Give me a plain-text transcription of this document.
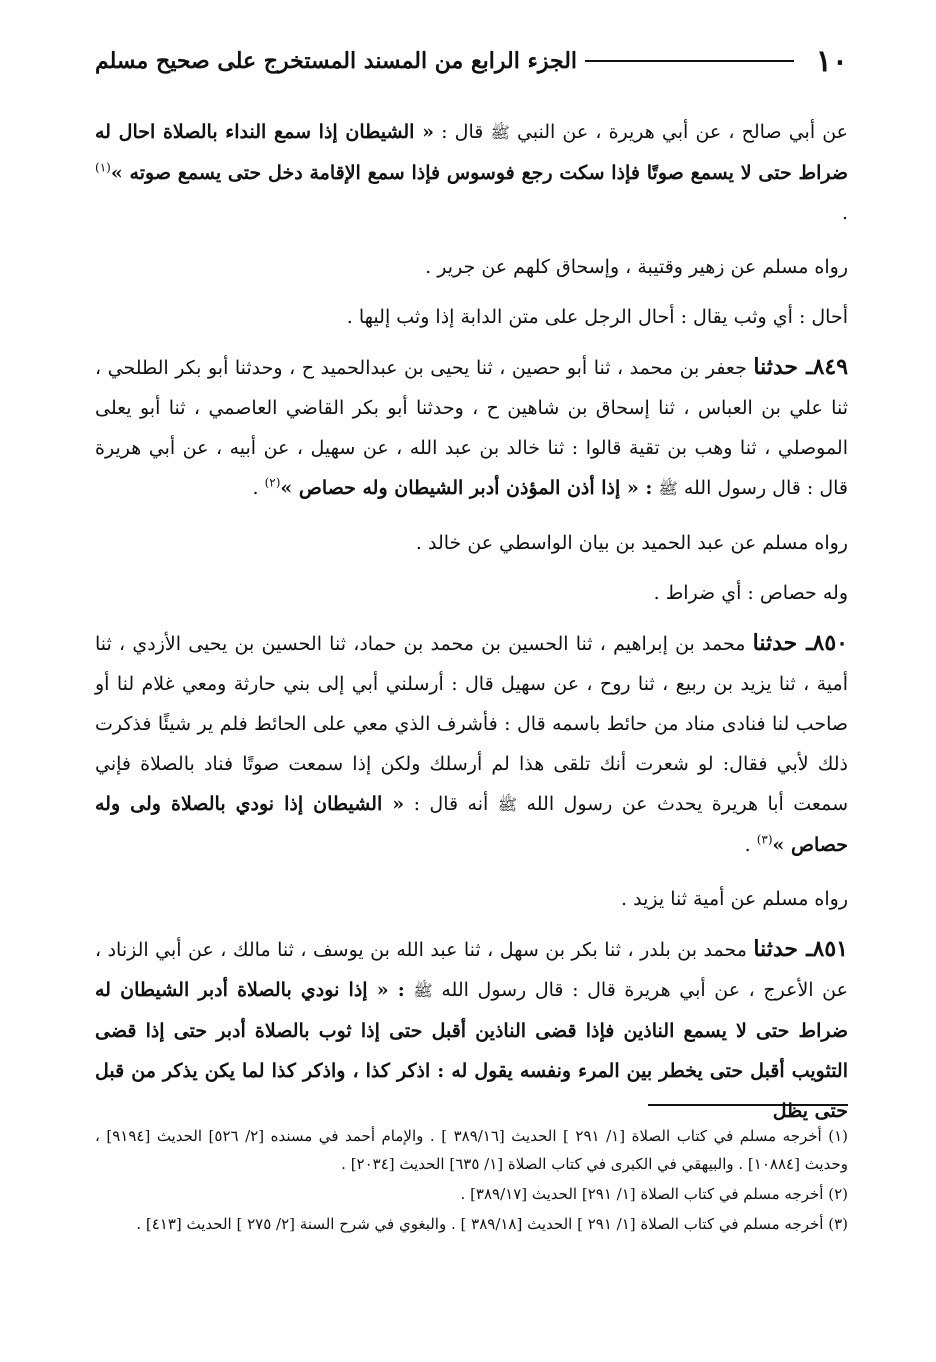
١٠
الجزء الرابع من المسند المستخرج على صحيح مسلم

عن أبي صالح ، عن أبي هريرة ، عن النبي ﷺ قال : « الشيطان إذا سمع النداء بالصلاة احال له ضراط حتى لا يسمع صوتًا فإذا سكت رجع فوسوس فإذا سمع الإقامة دخل حتى يسمع صوته »$^{(١)}$ .

رواه مسلم عن زهير وقتيبة ، وإسحاق كلهم عن جرير .

أحال : أي وثب يقال : أحال الرجل على متن الدابة إذا وثب إليها .

٨٤٩ـ حدثنا جعفر بن محمد ، ثنا أبو حصين ، ثنا يحيى بن عبدالحميد ح ، وحدثنا أبو بكر الطلحي ، ثنا علي بن العباس ، ثنا إسحاق بن شاهين ح ، وحدثنا أبو بكر القاضي العاصمي ، ثنا أبو يعلى الموصلي ، ثنا وهب بن تقية قالوا : ثنا خالد بن عبد الله ، عن سهيل ، عن أبيه ، عن أبي هريرة قال : قال رسول الله ﷺ : « إذا أذن المؤذن أدبر الشيطان وله حصاص »$^{(٢)}$ .

رواه مسلم عن عبد الحميد بن بيان الواسطي عن خالد .

وله حصاص : أي ضراط .

٨٥٠ـ حدثنا محمد بن إبراهيم ، ثنا الحسين بن محمد بن حماد، ثنا الحسين بن يحيى الأزدي ، ثنا أمية ، ثنا يزيد بن ربيع ، ثنا روح ، عن سهيل قال : أرسلني أبي إلى بني حارثة ومعي غلام لنا أو صاحب لنا فنادى مناد من حائط باسمه قال : فأشرف الذي معي على الحائط فلم ير شيئًا فذكرت ذلك لأبي فقال: لو شعرت أنك تلقى هذا لم أرسلك ولكن إذا سمعت صوتًا فناد بالصلاة فإني سمعت أبا هريرة يحدث عن رسول الله ﷺ أنه قال : « الشيطان إذا نودي بالصلاة ولى وله حصاص »$^{(٣)}$ .

رواه مسلم عن أمية ثنا يزيد .

٨٥١ـ حدثنا محمد بن بلدر ، ثنا بكر بن سهل ، ثنا عبد الله بن يوسف ، ثنا مالك ، عن أبي الزناد ، عن الأعرج ، عن أبي هريرة قال : قال رسول الله ﷺ : « إذا نودي بالصلاة أدبر الشيطان له ضراط حتى لا يسمع الناذين فإذا قضى الناذين أقبل حتى إذا ثوب بالصلاة أدبر حتى إذا قضى التثويب أقبل حتى يخطر بين المرء ونفسه يقول له : اذكر كذا ، واذكر كذا لما يكن يذكر من قبل حتى يظل

(١) أخرجه مسلم في كتاب الصلاة [١/ ٢٩١ ] الحديث [٣٨٩/١٦ ] . والإمام أحمد في مسنده [٢/ ٥٢٦] الحديث [٩١٩٤] ، وحديث [١٠٨٨٤] . والبيهقي في الكبرى في كتاب الصلاة [١/ ٦٣٥] الحديث [٢٠٣٤] .

(٢) أخرجه مسلم في كتاب الصلاة [١/ ٢٩١] الحديث [٣٨٩/١٧] .

(٣) أخرجه مسلم في كتاب الصلاة [١/ ٢٩١ ] الحديث [٣٨٩/١٨ ] . والبغوي في شرح السنة [٢/ ٢٧٥ ] الحديث [٤١٣] .
